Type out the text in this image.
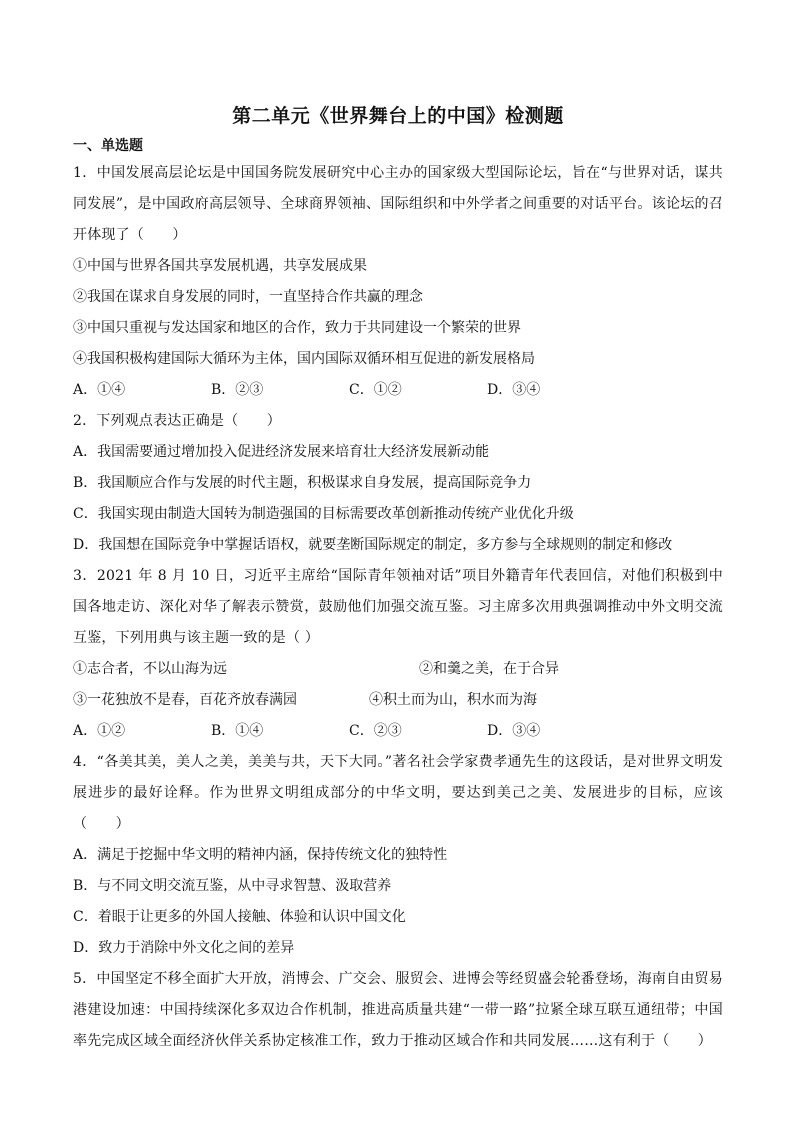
第二单元《世界舞台上的中国》检测题
一、单选题
1．中国发展高层论坛是中国国务院发展研究中心主办的国家级大型国际论坛，旨在“与世界对话，谋共同发展”，是中国政府高层领导、全球商界领袖、国际组织和中外学者之间重要的对话平台。该论坛的召开体现了（　　）
①中国与世界各国共享发展机遇，共享发展成果
②我国在谋求自身发展的同时，一直坚持合作共赢的理念
③中国只重视与发达国家和地区的合作，致力于共同建设一个繁荣的世界
④我国积极构建国际大循环为主体，国内国际双循环相互促进的新发展格局
A．①④	B．②③	C．①②	D．③④
2．下列观点表达正确是（　　）
A．我国需要通过增加投入促进经济发展来培育壮大经济发展新动能
B．我国顺应合作与发展的时代主题，积极谋求自身发展，提高国际竞争力
C．我国实现由制造大国转为制造强国的目标需要改革创新推动传统产业优化升级
D．我国想在国际竞争中掌握话语权，就要垄断国际规定的制定，多方参与全球规则的制定和修改
3．2021 年 8 月 10 日，习近平主席给“国际青年领袖对话”项目外籍青年代表回信，对他们积极到中国各地走访、深化对华了解表示赞赏，鼓励他们加强交流互鉴。习主席多次用典强调推动中外文明交流互鉴，下列用典与该主题一致的是（ ）
①志合者，不以山海为远	②和羹之美，在于合异
③一花独放不是春，百花齐放春满园	④积土而为山，积水而为海
A．①②	B．①④	C．②③	D．③④
4．“各美其美，美人之美，美美与共，天下大同。”著名社会学家费孝通先生的这段话，是对世界文明发展进步的最好诠释。作为世界文明组成部分的中华文明，要达到美己之美、发展进步的目标，应该（　　）
A．满足于挖掘中华文明的精神内涵，保持传统文化的独特性
B．与不同文明交流互鉴，从中寻求智慧、汲取营养
C．着眼于让更多的外国人接触、体验和认识中国文化
D．致力于消除中外文化之间的差异
5．中国坚定不移全面扩大开放，消博会、广交会、服贸会、进博会等经贸盛会轮番登场，海南自由贸易港建设加速：中国持续深化多双边合作机制，推进高质量共建“一带一路”拉紧全球互联互通纽带；中国率先完成区域全面经济伙伴关系协定核准工作，致力于推动区域合作和共同发展……这有利于（　　）
